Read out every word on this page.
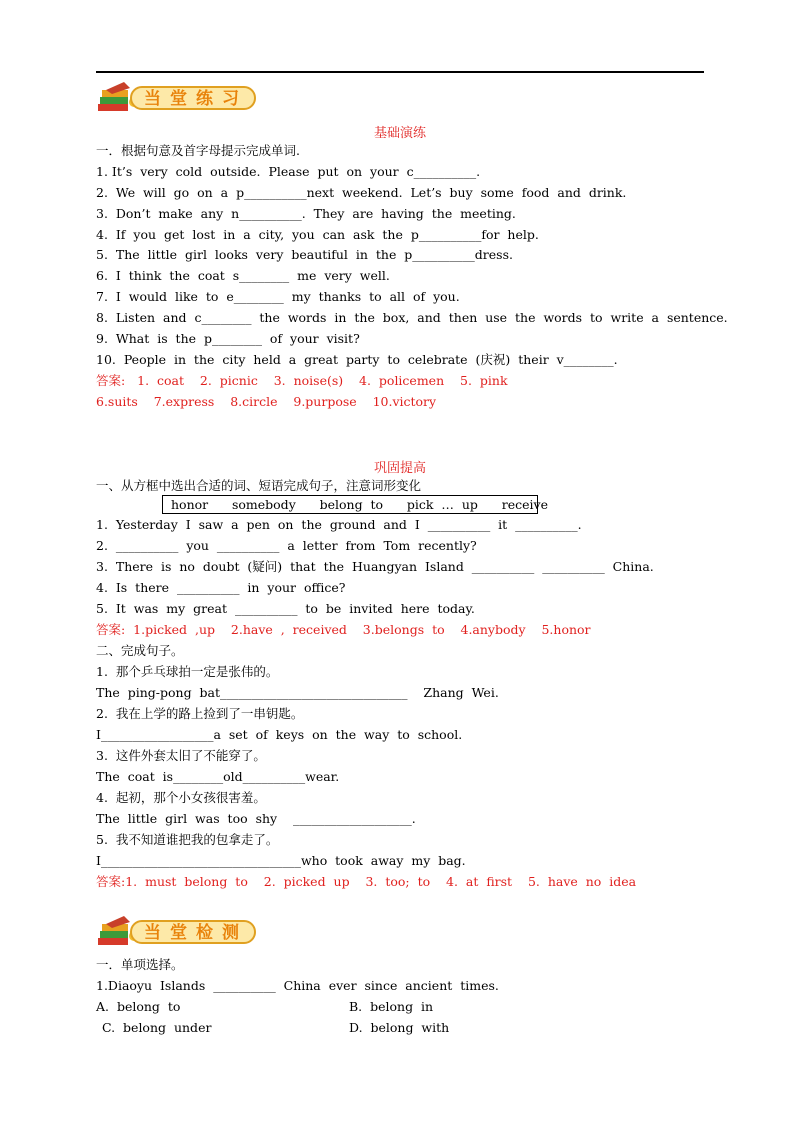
当堂练习
基础演练
一．根据句意及首字母提示完成单词.
1. It’s  very  cold  outside.  Please  put  on  your  c__________.
2.  We  will  go  on  a  p__________next  weekend.  Let’s  buy  some  food  and  drink.
3.  Don’t  make  any  n__________.  They  are  having  the  meeting.
4.  If  you  get  lost  in  a  city,  you  can  ask  the  p__________for  help.
5.  The  little  girl  looks  very  beautiful  in  the  p__________dress.
6.  I  think  the  coat  s________  me  very  well.
7.  I  would  like  to  e________  my  thanks  to  all  of  you.
8.  Listen  and  c________  the  words  in  the  box,  and  then  use  the  words  to  write  a  sentence.
9.  What  is  the  p________  of  your  visit?
10.  People  in  the  city  held  a  great  party  to  celebrate  (庆祝)  their  v________.
答案:   1.  coat    2.  picnic    3.  noise(s)    4.  policemen    5.  pink
6.suits    7.express    8.circle    9.purpose    10.victory
巩固提高
一、从方框中选出合适的词、短语完成句子，注意词形变化
honor      somebody      belong  to      pick  …  up      receive
1.  Yesterday  I  saw  a  pen  on  the  ground  and  I  __________  it  __________.
2.  __________  you  __________  a  letter  from  Tom  recently?
3.  There  is  no  doubt  (疑问)  that  the  Huangyan  Island  __________  __________  China.
4.  Is  there  __________  in  your  office?
5.  It  was  my  great  __________  to  be  invited  here  today.
答案:  1.picked  ,up    2.have  ,  received    3.belongs  to    4.anybody    5.honor
二、完成句子。
1.  那个乒乓球拍一定是张伟的。
The  ping-pong  bat______________________________    Zhang  Wei.
2.  我在上学的路上捡到了一串钥匙。
I__________________a  set  of  keys  on  the  way  to  school.
3.  这件外套太旧了不能穿了。
The  coat  is________old__________wear.
4.  起初，那个小女孩很害羞。
The  little  girl  was  too  shy    ___________________.
5.  我不知道谁把我的包拿走了。
I________________________________who  took  away  my  bag.
答案:1.  must  belong  to    2.  picked  up    3.  too;  to    4.  at  first    5.  have  no  idea
当堂检测
一．单项选择。
1.Diaoyu  Islands  __________  China  ever  since  ancient  times.
A.  belong  to	B.  belong  in
C.  belong  under	D.  belong  with
